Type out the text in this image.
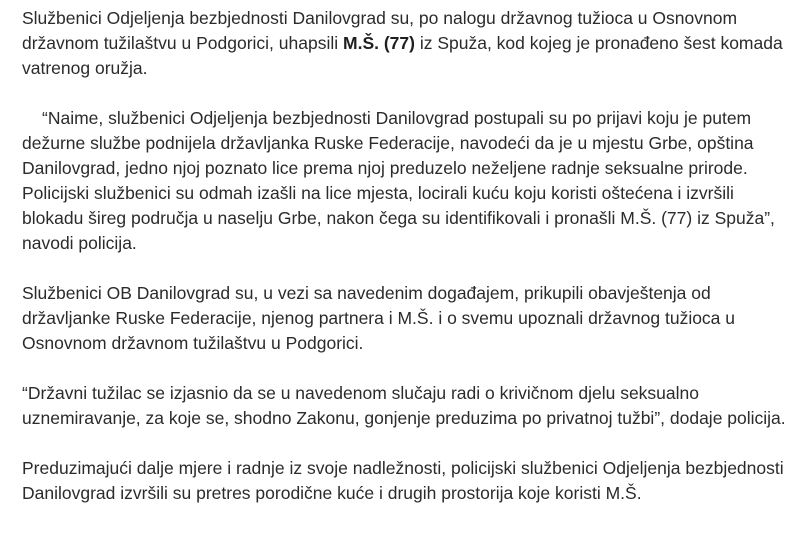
Službenici Odjeljenja bezbjednosti Danilovgrad su, po nalogu državnog tužioca u Osnovnom državnom tužilaštvu u Podgorici, uhapsili M.Š. (77) iz Spuža, kod kojeg je pronađeno šest komada vatrenog oružja.

“Naime, službenici Odjeljenja bezbjednosti Danilovgrad postupali su po prijavi koju je putem dežurne službe podnijela državljanka Ruske Federacije, navodeći da je u mjestu Grbe, opština Danilovgrad, jedno njoj poznato lice prema njoj preduzelo neželjene radnje seksualne prirode. Policijski službenici su odmah izašli na lice mjesta, locirali kuću koju koristi oštećena i izvršili blokadu šireg područja u naselju Grbe, nakon čega su identifikovali i pronašli M.Š. (77) iz Spuža”, navodi policija.

Službenici OB Danilovgrad su, u vezi sa navedenim događajem, prikupili obavještenja od državljanke Ruske Federacije, njenog partnera i M.Š. i o svemu upoznali državnog tužioca u Osnovnom državnom tužilaštvu u Podgorici.

“Državni tužilac se izjasnio da se u navedenom slučaju radi o krivičnom djelu seksualno uznemiravanje, za koje se, shodno Zakonu, gonjenje preduzima po privatnoj tužbi”, dodaje policija.

Preduzimajući dalje mjere i radnje iz svoje nadležnosti, policijski službenici Odjeljenja bezbjednosti Danilovgrad izvršili su pretres porodične kuće i drugih prostorija koje koristi M.Š.
